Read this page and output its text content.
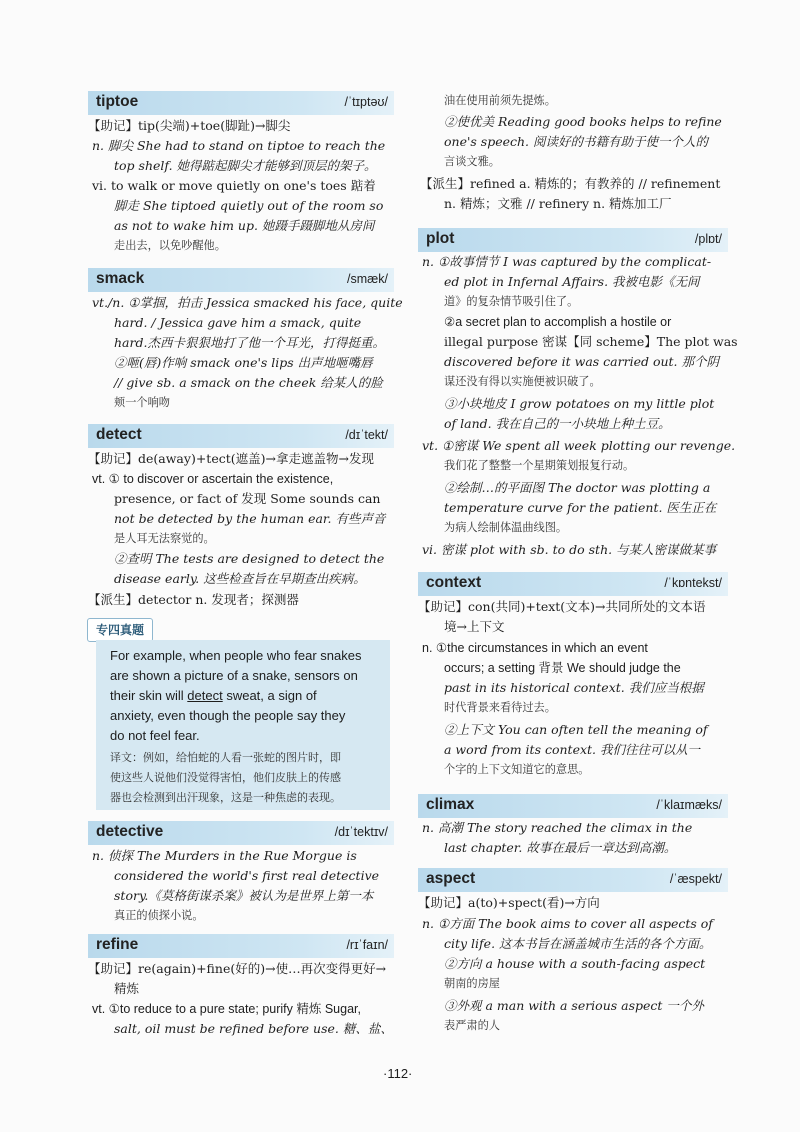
tiptoe	/ˈtɪptəʊ/
【助记】tip(尖端)+toe(脚趾)→脚尖
n. 脚尖 She had to stand on tiptoe to reach the
top shelf. 她得踮起脚尖才能够到顶层的架子。
vi. to walk or move quietly on one's toes 踮着
脚走 She tiptoed quietly out of the room so
as not to wake him up. 她蹑手蹑脚地从房间
走出去，以免吵醒他。
smack	/smæk/
vt./n. ①掌掴，拍击 Jessica smacked his face, quite
hard. / Jessica gave him a smack, quite
hard.杰西卡狠狠地打了他一个耳光，打得挺重。
②咂(唇)作响 smack one's lips 出声地咂嘴唇
// give sb. a smack on the cheek 给某人的脸
颊一个响吻
detect	/dɪˈtekt/
【助记】de(away)+tect(遮盖)→拿走遮盖物→发现
vt. ① to discover or ascertain the existence,
presence, or fact of 发现 Some sounds can
not be detected by the human ear. 有些声音
是人耳无法察觉的。
②查明 The tests are designed to detect the
disease early. 这些检查旨在早期查出疾病。
【派生】detector n. 发现者；探测器
专四真题
For example, when people who fear snakes
are shown a picture of a snake, sensors on
their skin will detect sweat, a sign of
anxiety, even though the people say they
do not feel fear.
译文：例如，给怕蛇的人看一张蛇的图片时，即
使这些人说他们没觉得害怕，他们皮肤上的传感
器也会检测到出汗现象，这是一种焦虑的表现。
detective	/dɪˈtektɪv/
n. 侦探 The Murders in the Rue Morgue is
considered the world's first real detective
story.《莫格街谋杀案》被认为是世界上第一本
真正的侦探小说。
refine	/rɪˈfaɪn/
【助记】re(again)+fine(好的)→使…再次变得更好→
精炼
vt. ①to reduce to a pure state; purify 精炼 Sugar,
salt, oil must be refined before use. 糖、盐、
油在使用前须先提炼。
②使优美 Reading good books helps to refine
one's speech. 阅读好的书籍有助于使一个人的
言谈文雅。
【派生】refined a. 精炼的；有教养的 // refinement
n. 精炼；文雅 // refinery n. 精炼加工厂
plot	/plɒt/
n. ①故事情节 I was captured by the complicat-
ed plot in Infernal Affairs. 我被电影《无间
道》的复杂情节吸引住了。
②a secret plan to accomplish a hostile or
illegal purpose 密谋【同 scheme】The plot was
discovered before it was carried out. 那个阴
谋还没有得以实施便被识破了。
③小块地皮 I grow potatoes on my little plot
of land. 我在自己的一小块地上种土豆。
vt. ①密谋 We spent all week plotting our revenge.
我们花了整整一个星期策划报复行动。
②绘制…的平面图 The doctor was plotting a
temperature curve for the patient. 医生正在
为病人绘制体温曲线图。
vi. 密谋 plot with sb. to do sth. 与某人密谋做某事
context	/ˈkɒntekst/
【助记】con(共同)+text(文本)→共同所处的文本语
境→上下文
n. ①the circumstances in which an event
occurs; a setting 背景 We should judge the
past in its historical context. 我们应当根据
时代背景来看待过去。
②上下文 You can often tell the meaning of
a word from its context. 我们往往可以从一
个字的上下文知道它的意思。
climax	/ˈklaɪmæks/
n. 高潮 The story reached the climax in the
last chapter. 故事在最后一章达到高潮。
aspect	/ˈæspekt/
【助记】a(to)+spect(看)→方向
n. ①方面 The book aims to cover all aspects of
city life. 这本书旨在涵盖城市生活的各个方面。
②方向 a house with a south-facing aspect
朝南的房屋
③外观 a man with a serious aspect 一个外
表严肃的人
·112·
